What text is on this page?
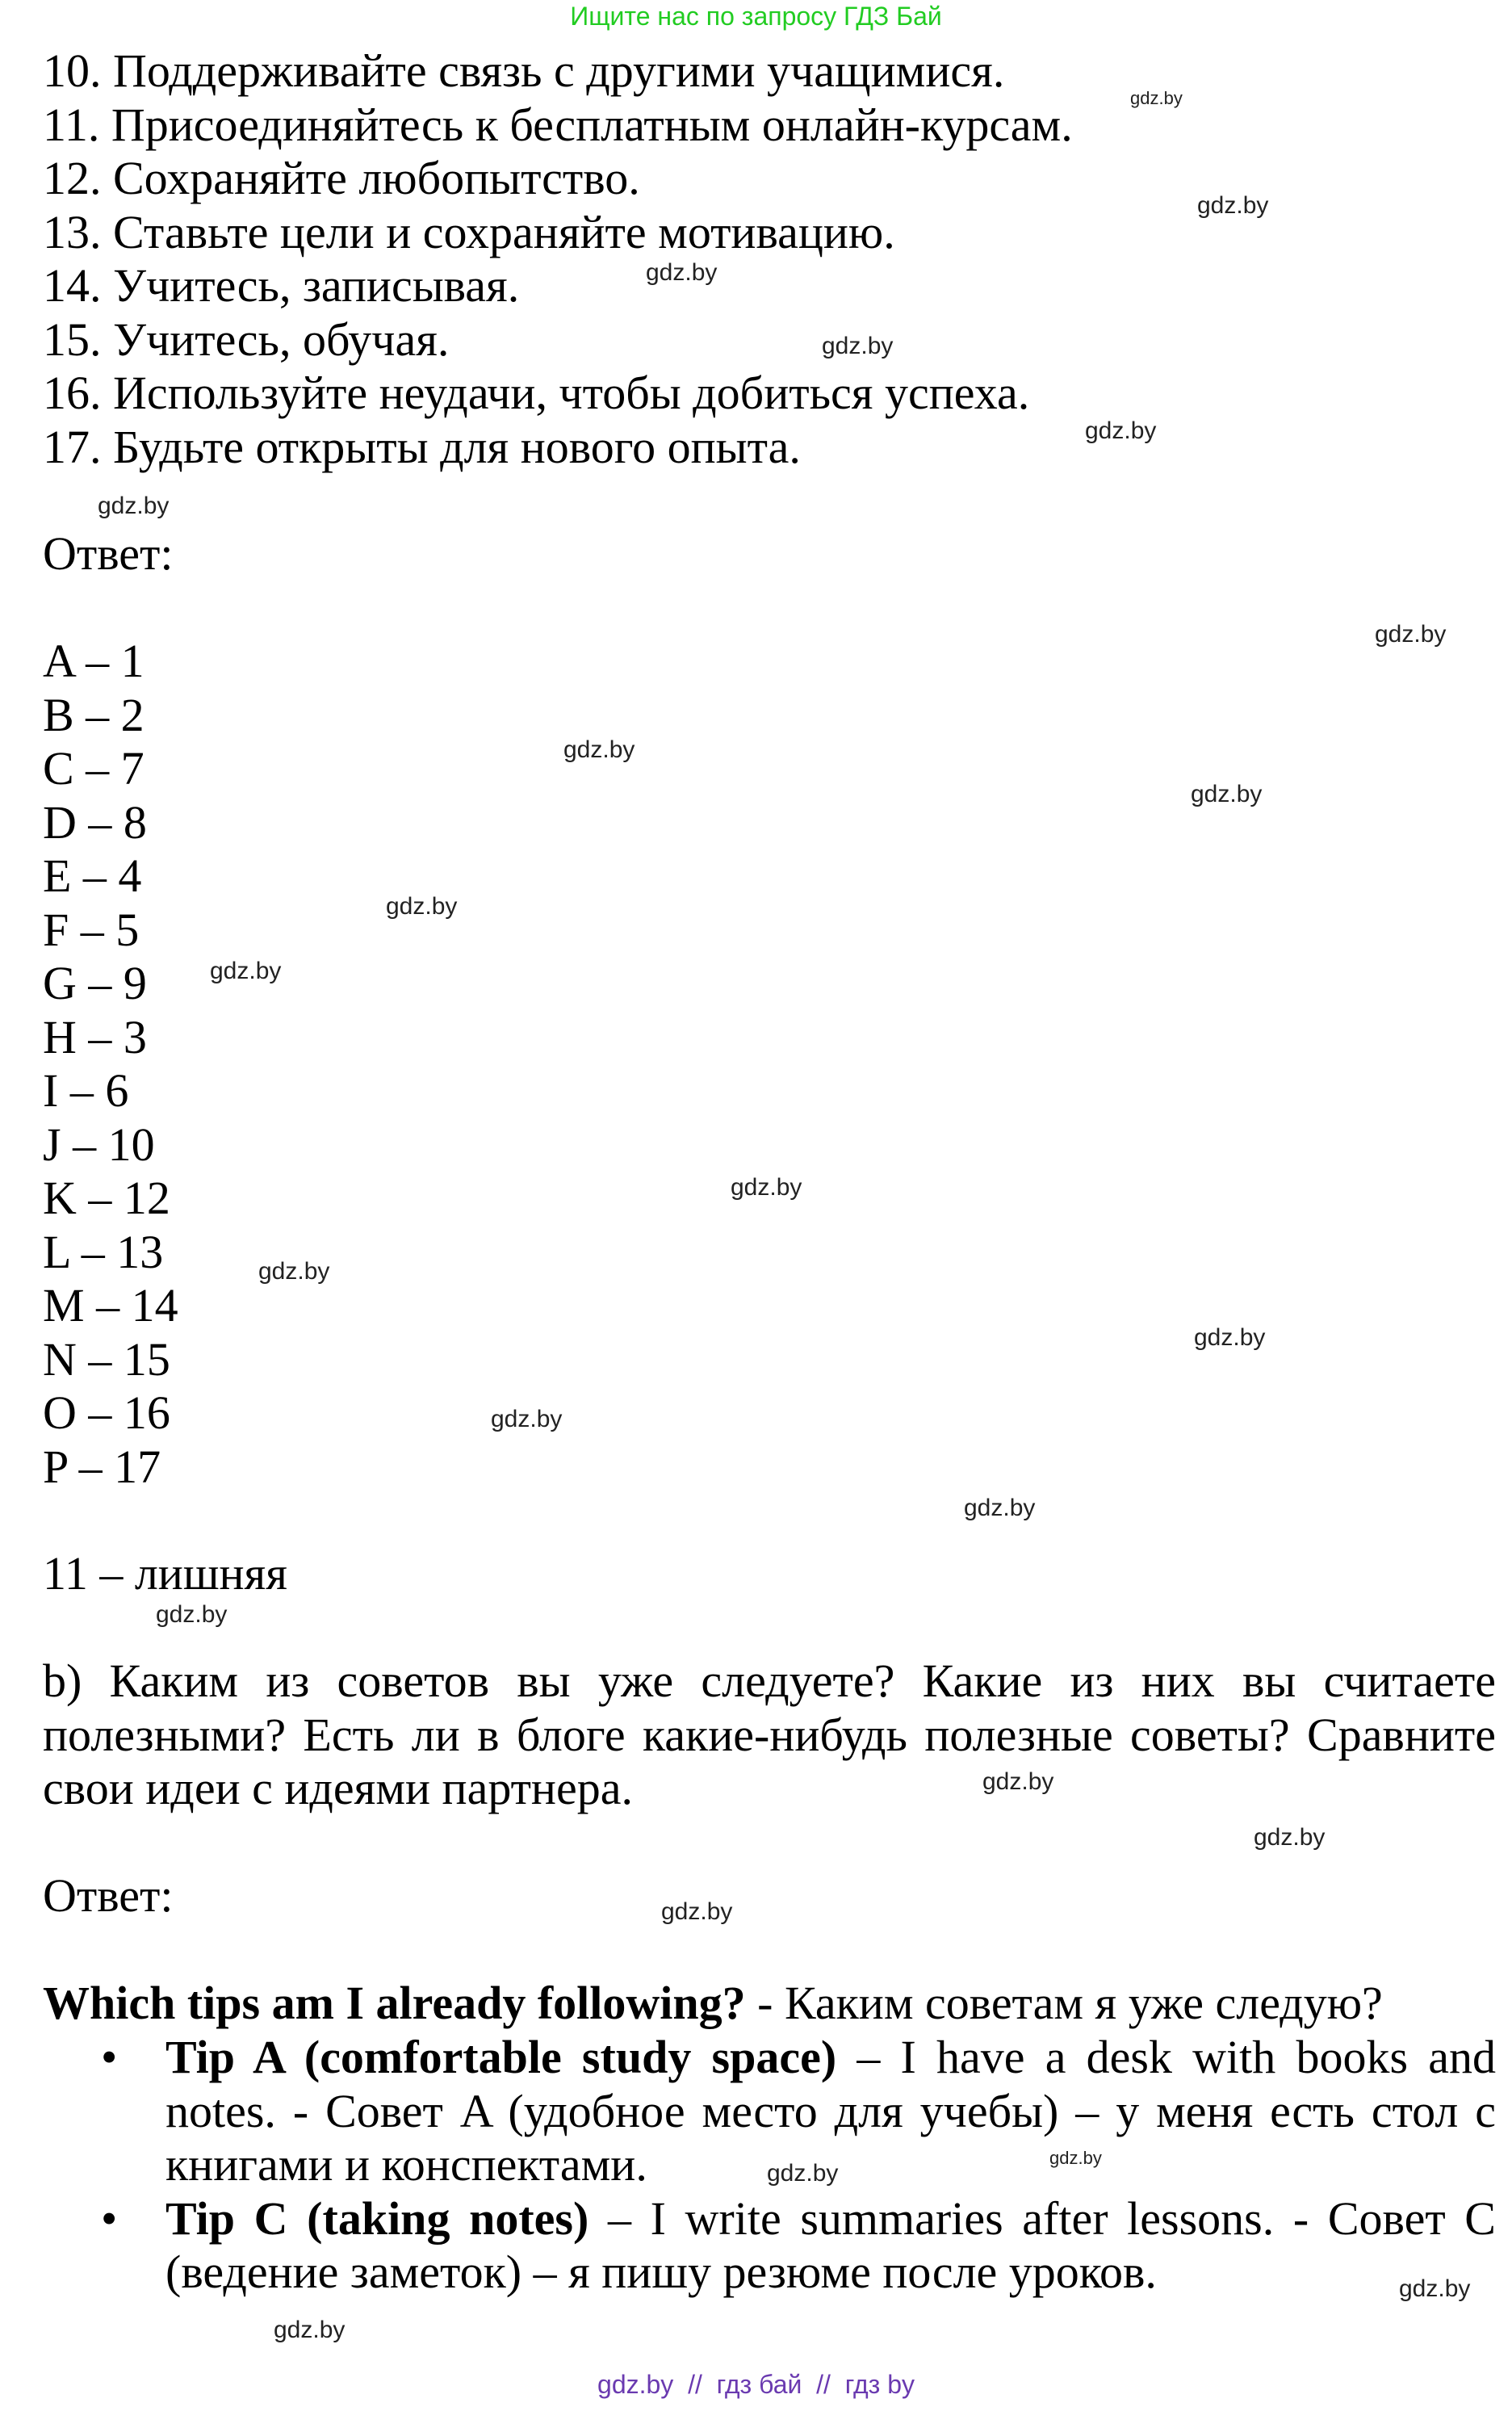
Ищите нас по запросу ГДЗ Бай
10. Поддерживайте связь с другими учащимися.
11. Присоединяйтесь к бесплатным онлайн-курсам.
12. Сохраняйте любопытство.
13. Ставьте цели и сохраняйте мотивацию.
14. Учитесь, записывая.
15. Учитесь, обучая.
16. Используйте неудачи, чтобы добиться успеха.
17. Будьте открыты для нового опыта.
Ответ:
A – 1
B – 2
C – 7
D – 8
E – 4
F – 5
G – 9
H – 3
I – 6
J – 10
K – 12
L – 13
M – 14
N – 15
O – 16
P – 17
11 – лишняя
b) Каким из советов вы уже следуете? Какие из них вы считаете
полезными? Есть ли в блоге какие-нибудь полезные советы? Сравните
свои идеи с идеями партнера.
Ответ:
Which tips am I already following? - Каким советам я уже следую?
• Tip A (comfortable study space) – I have a desk with books and
notes. - Совет A (удобное место для учебы) – у меня есть стол с
книгами и конспектами.
• Tip C (taking notes) – I write summaries after lessons. - Совет C
(ведение заметок) – я пишу резюме после уроков.
gdz.by
gdz.by
gdz.by
gdz.by
gdz.by
gdz.by
gdz.by
gdz.by
gdz.by
gdz.by
gdz.by
gdz.by
gdz.by
gdz.by
gdz.by
gdz.by
gdz.by
gdz.by
gdz.by
gdz.by
gdz.by
gdz.by
gdz.by
gdz.by
gdz.by  //  гдз бай  //  гдз by
